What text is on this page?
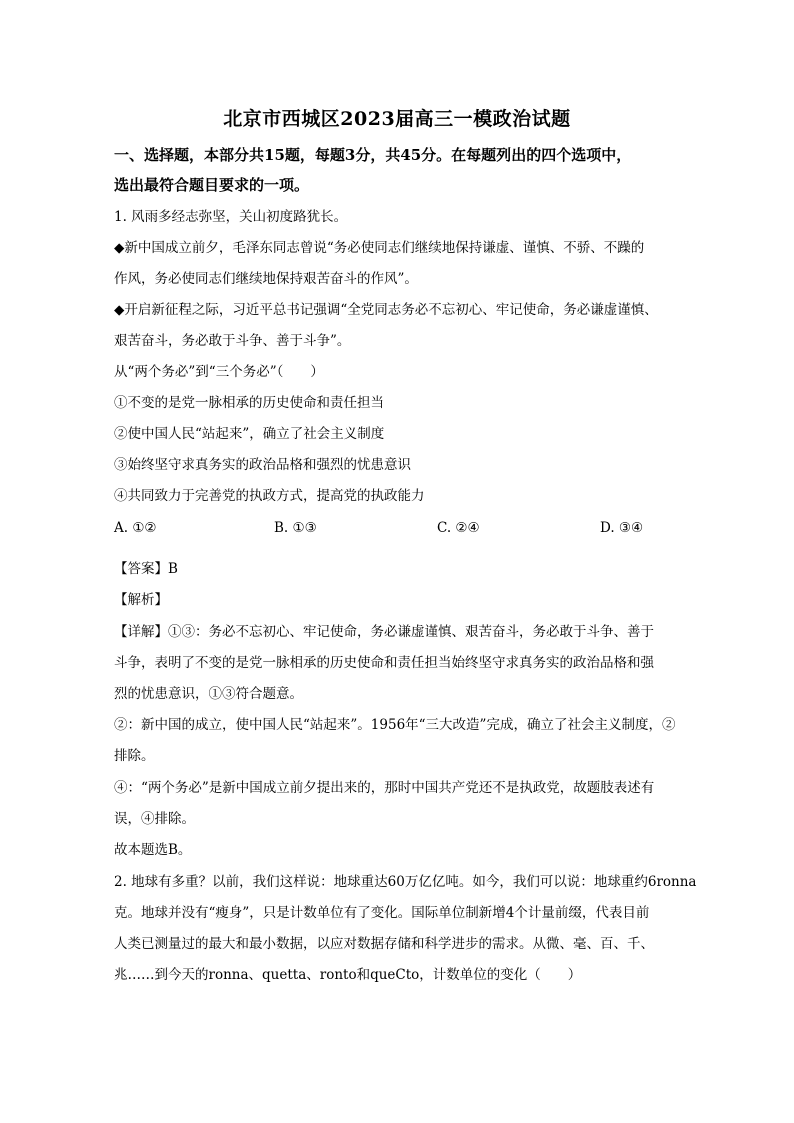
北京市西城区2023届高三一模政治试题
一、选择题，本部分共15题，每题3分，共45分。在每题列出的四个选项中，
选出最符合题目要求的一项。
1. 风雨多经志弥坚，关山初度路犹长。
◆新中国成立前夕，毛泽东同志曾说“务必使同志们继续地保持谦虚、谨慎、不骄、不躁的
作风，务必使同志们继续地保持艰苦奋斗的作风”。
◆开启新征程之际，习近平总书记强调“全党同志务必不忘初心、牢记使命，务必谦虚谨慎、
艰苦奋斗，务必敢于斗争、善于斗争”。
从“两个务必”到“三个务必”（　　）
①不变的是党一脉相承的历史使命和责任担当
②使中国人民“站起来”，确立了社会主义制度
③始终坚守求真务实的政治品格和强烈的忧患意识
④共同致力于完善党的执政方式，提高党的执政能力
A. ①②	B. ①③	C. ②④	D. ③④
【答案】B
【解析】
【详解】①③：务必不忘初心、牢记使命，务必谦虚谨慎、艰苦奋斗，务必敢于斗争、善于
斗争，表明了不变的是党一脉相承的历史使命和责任担当始终坚守求真务实的政治品格和强
烈的忧患意识，①③符合题意。
②：新中国的成立，使中国人民“站起来”。1956年“三大改造”完成，确立了社会主义制度，②
排除。
④：“两个务必”是新中国成立前夕提出来的，那时中国共产党还不是执政党，故题肢表述有
误，④排除。
故本题选B。
2. 地球有多重？以前，我们这样说：地球重达60万亿亿吨。如今，我们可以说：地球重约6ronna
克。地球并没有“瘦身”，只是计数单位有了变化。国际单位制新增4个计量前缀，代表目前
人类已测量过的最大和最小数据，以应对数据存储和科学进步的需求。从微、毫、百、千、
兆……到今天的ronna、quetta、ronto和queCto，计数单位的变化（　　）
